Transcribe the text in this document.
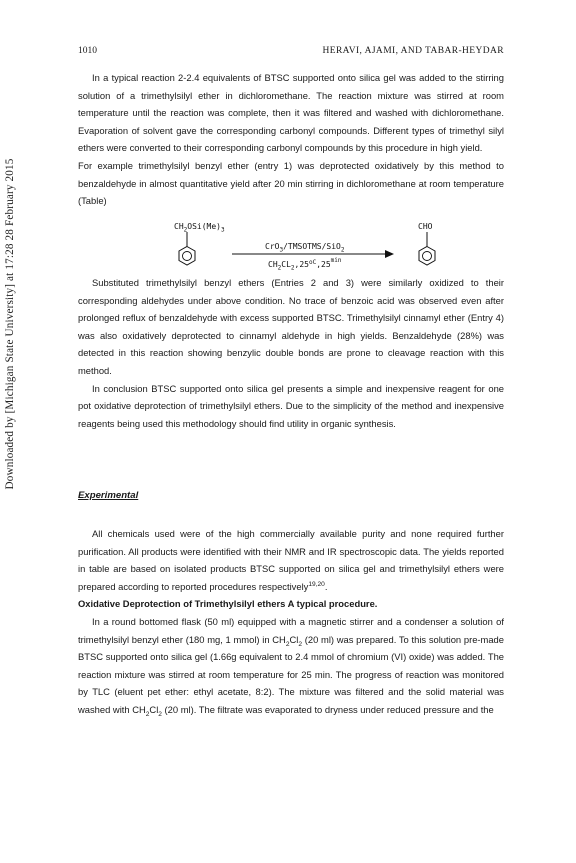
Downloaded by [Michigan State University] at 17:28 28 February 2015
1010	HERAVI, AJAMI, AND TABAR-HEYDAR

In a typical reaction 2-2.4 equivalents of BTSC supported onto silica gel was added to the stirring solution of a trimethylsilyl ether in dichloromethane. The reaction mixture was stirred at room temperature until the reaction was complete, then it was filtered and washed with dichloromethane. Evaporation of solvent gave the corresponding carbonyl compounds. Different types of trimethyl silyl ethers were converted to their corresponding carbonyl compounds by this procedure in high yield.

For example trimethylsilyl benzyl ether (entry 1) was deprotected oxidatively by this method to benzaldehyde in almost quantitative yield after 20 min stirring in dichloromethane at room temperature (Table)

$CH_2OSi(Me)_3$
CrO$_3$/TMSOTMS/SiO$_2$
$CH_2CL_2,25^{oC},25^{min}$
CHO

Substituted trimethylsilyl benzyl ethers (Entries 2 and 3) were similarly oxidized to their corresponding aldehydes under above condition. No trace of benzoic acid was observed even after prolonged reflux of benzaldehyde with excess supported BTSC. Trimethylsilyl cinnamyl ether (Entry 4) was also oxidatively deprotected to cinnamyl aldehyde in high yields. Benzaldehyde (28%) was detected in this reaction showing benzylic double bonds are prone to cleavage reaction with this method.

In conclusion BTSC supported onto silica gel presents a simple and inexpensive reagent for one pot oxidative deprotection of trimethylsilyl ethers. Due to the simplicity of the method and inexpensive reagents being used this methodology should find utility in organic synthesis.

Experimental

All chemicals used were of the high commercially available purity and none required further purification. All products were identified with their NMR and IR spectroscopic data. The yields reported in table are based on isolated products BTSC supported on silica gel and trimethylsilyl ethers were prepared according to reported procedures respectively$^{19,20}$.

Oxidative Deprotection of Trimethylsilyl ethers A typical procedure.

In a round bottomed flask (50 ml) equipped with a magnetic stirrer and a condenser a solution of trimethylsilyl benzyl ether (180 mg, 1 mmol) in $CH_2Cl_2$ (20 ml) was prepared. To this solution pre-made BTSC supported onto silica gel (1.66g equivalent to 2.4 mmol of chromium (VI) oxide) was added. The reaction mixture was stirred at room temperature for 25 min. The progress of reaction was monitored by TLC (eluent pet ether: ethyl acetate, 8:2). The mixture was filtered and the solid material was washed with $CH_2Cl_2$ (20 ml). The filtrate was evaporated to dryness under reduced pressure and the
